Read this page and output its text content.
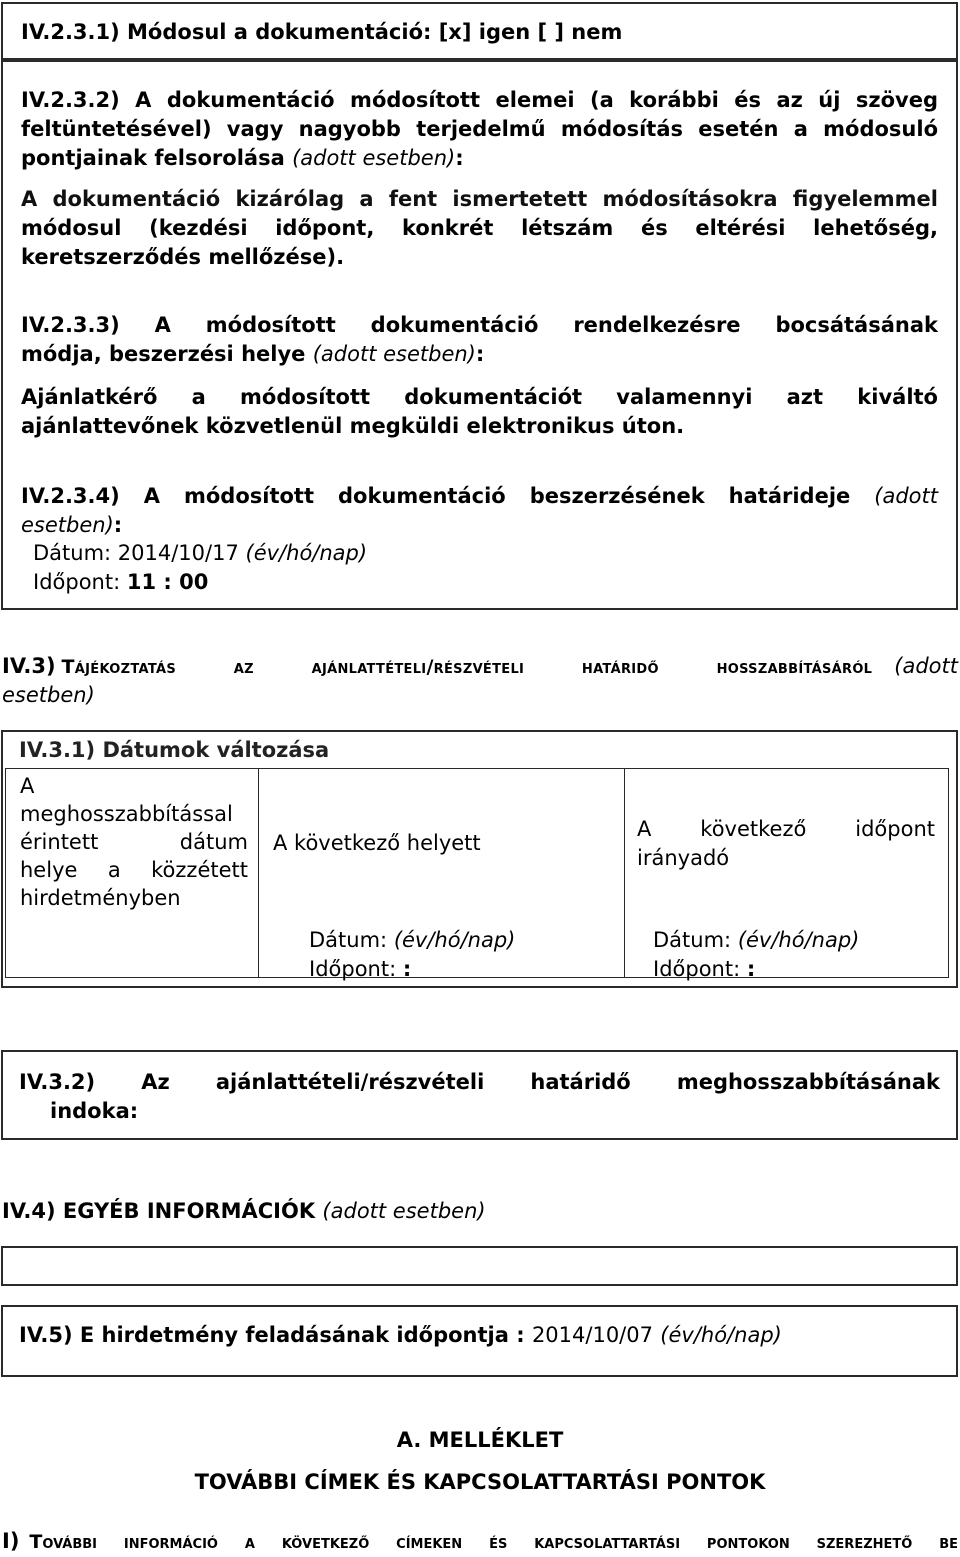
IV.2.3.1) Módosul a dokumentáció: [x] igen [ ] nem

IV.2.3.2) A dokumentáció módosított elemei (a korábbi és az új szöveg

feltüntetésével) vagy nagyobb terjedelmű módosítás esetén a módosuló

pontjainak felsorolása (adott esetben):

A dokumentáció kizárólag a fent ismertetett módosításokra figyelemmel

módosul (kezdési időpont, konkrét létszám és eltérési lehetőség,

keretszerződés mellőzése).

IV.2.3.3) A módosított dokumentáció rendelkezésre bocsátásának

módja, beszerzési helye (adott esetben):

Ajánlatkérő a módosított dokumentációt valamennyi azt kiváltó

ajánlattevőnek közvetlenül megküldi elektronikus úton.

IV.2.3.4) A módosított dokumentáció beszerzésének határideje (adott

esetben):

Dátum: 2014/10/17 (év/hó/nap)

Időpont: 11 : 00

IV.3) Tájékoztatás az ajánlattételi/részvételi határidő hosszabbításáról (adott

esetben)

IV.3.1) Dátumok változása

A
meghosszabbítással
érintett dátum
helye a közzétett
hirdetményben
A következő helyett
A következő időpont
irányadó
Dátum: (év/hó/nap)
Időpont: :
Dátum: (év/hó/nap)
Időpont: :

IV.3.2) Az ajánlattételi/részvételi határidő meghosszabbításának

indoka:

IV.4) EGYÉB INFORMÁCIÓK (adott esetben)

IV.5) E hirdetmény feladásának időpontja : 2014/10/07 (év/hó/nap)

A. MELLÉKLET

TOVÁBBI CÍMEK ÉS KAPCSOLATTARTÁSI PONTOK

I) További információ a következő címeken és kapcsolattartási pontokon szerezhető be
